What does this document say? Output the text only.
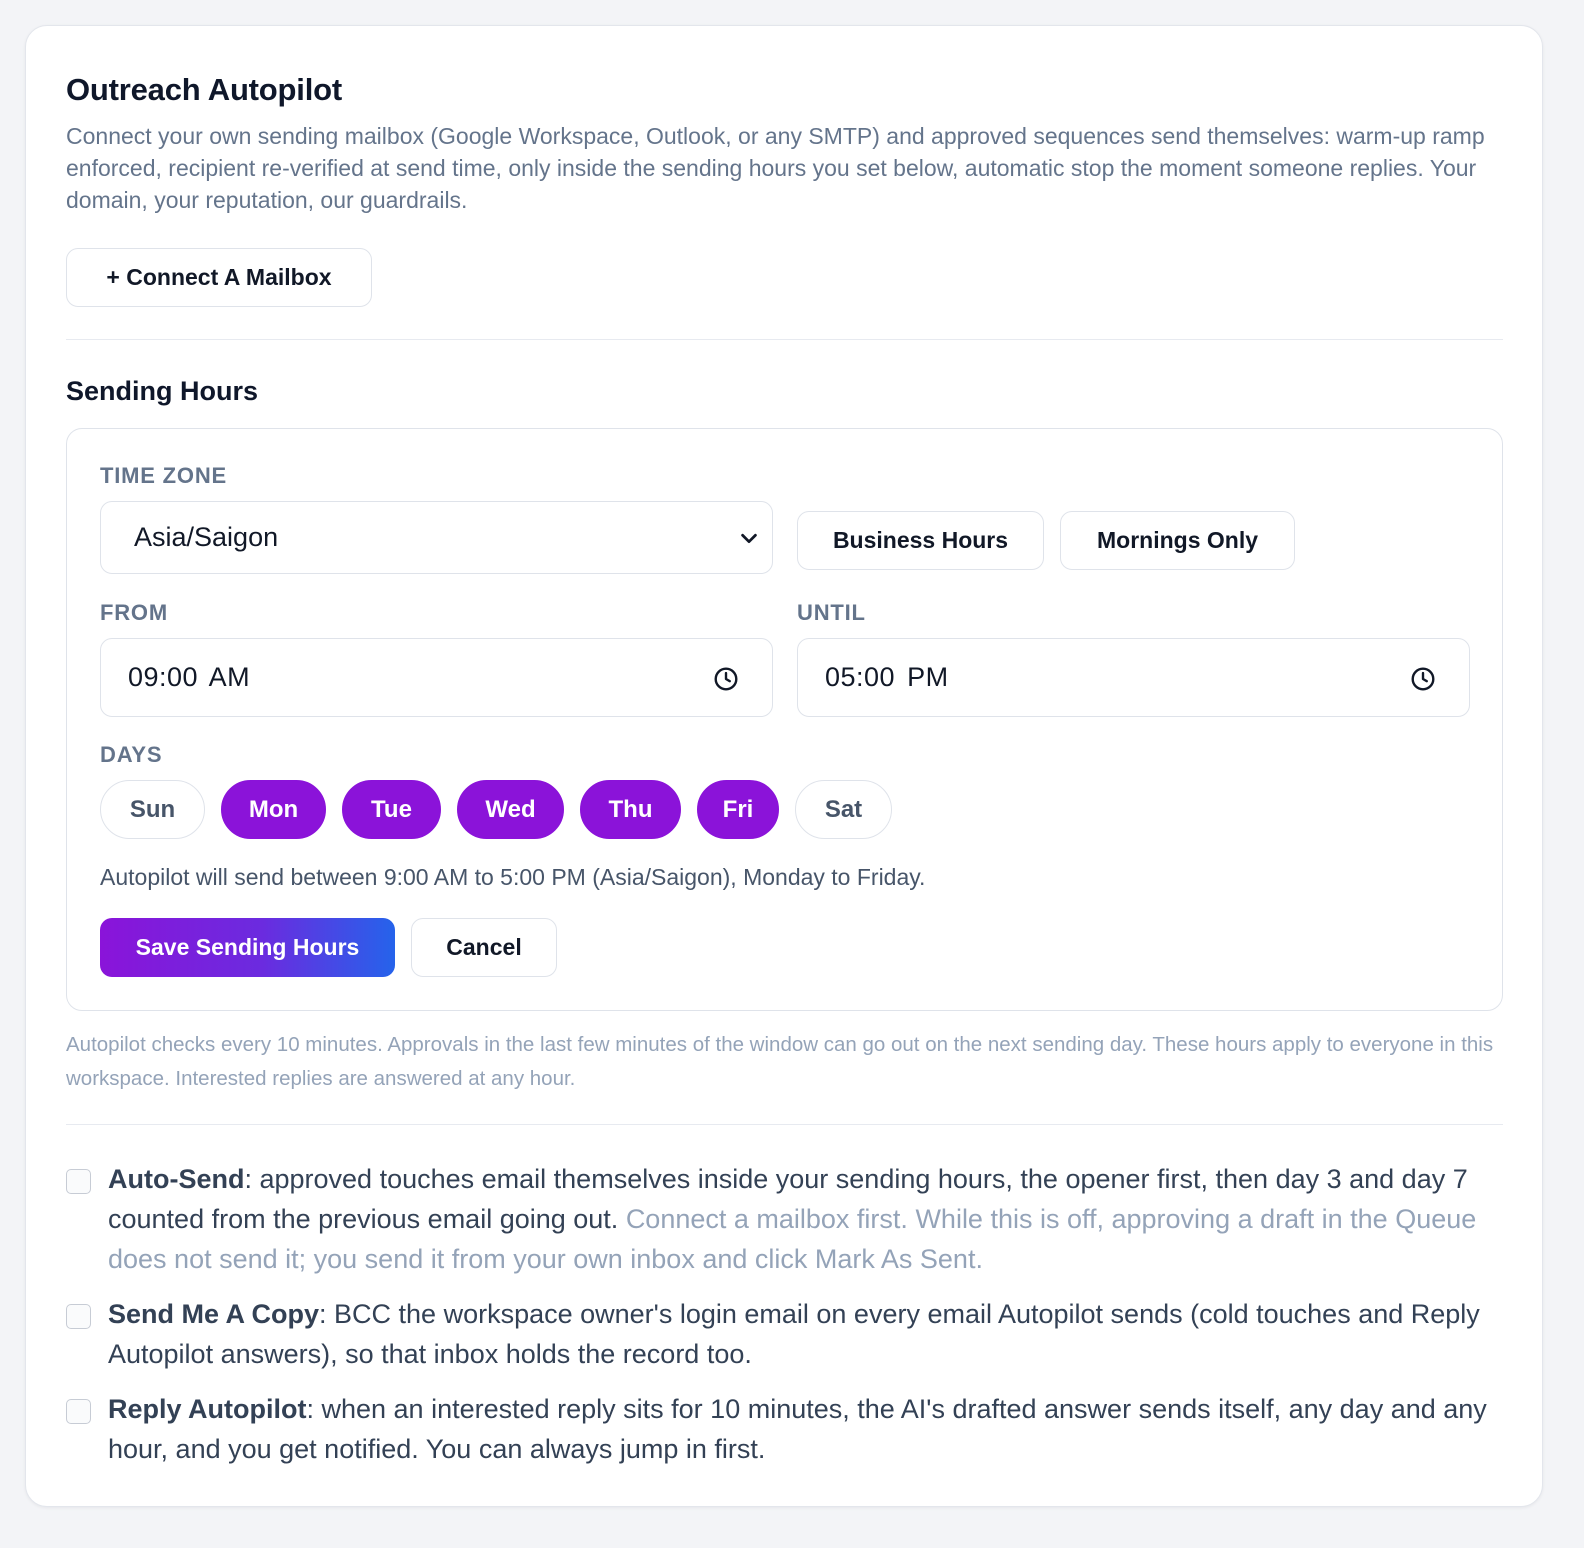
Outreach Autopilot

Connect your own sending mailbox (Google Workspace, Outlook, or any SMTP) and approved sequences send themselves: warm-up ramp enforced, recipient re-verified at send time, only inside the sending hours you set below, automatic stop the moment someone replies. Your domain, your reputation, our guardrails.

+ Connect A Mailbox
Sending Hours
TIME ZONE
Asia/Saigon	Business Hours	Mornings Only
FROM
09:00 AM
UNTIL
05:00 PM
DAYS
Sun	Mon	Tue	Wed	Thu	Fri	Sat

Autopilot will send between 9:00 AM to 5:00 PM (Asia/Saigon), Monday to Friday.

Save Sending Hours	Cancel

Autopilot checks every 10 minutes. Approvals in the last few minutes of the window can go out on the next sending day. These hours apply to everyone in this workspace. Interested replies are answered at any hour.

Auto-Send: approved touches email themselves inside your sending hours, the opener first, then day 3 and day 7 counted from the previous email going out. Connect a mailbox first. While this is off, approving a draft in the Queue does not send it; you send it from your own inbox and click Mark As Sent.

Send Me A Copy: BCC the workspace owner's login email on every email Autopilot sends (cold touches and Reply Autopilot answers), so that inbox holds the record too.

Reply Autopilot: when an interested reply sits for 10 minutes, the AI's drafted answer sends itself, any day and any hour, and you get notified. You can always jump in first.
